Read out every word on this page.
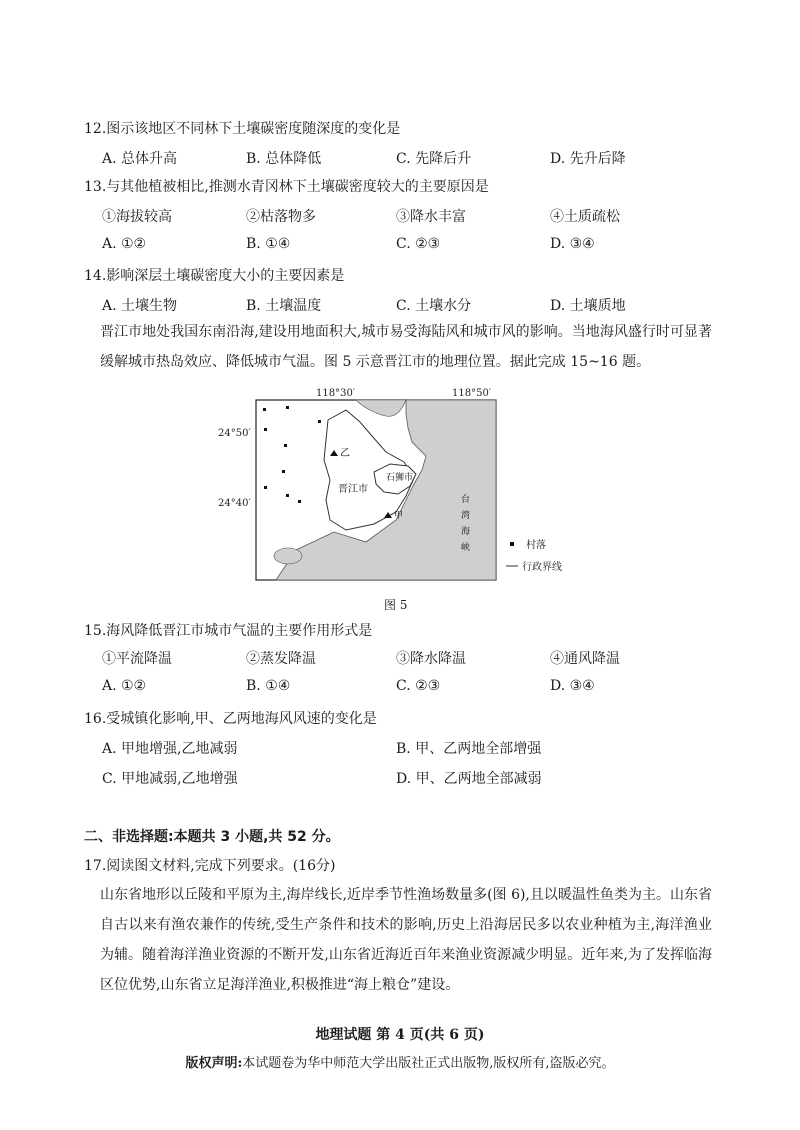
12.图示该地区不同林下土壤碳密度随深度的变化是
A. 总体升高	B. 总体降低	C. 先降后升	D. 先升后降
13.与其他植被相比,推测水青冈林下土壤碳密度较大的主要原因是
①海拔较高	②枯落物多	③降水丰富	④土质疏松
A. ①②	B. ①④	C. ②③	D. ③④
14.影响深层土壤碳密度大小的主要因素是
A. 土壤生物	B. 土壤温度	C. 土壤水分	D. 土壤质地
晋江市地处我国东南沿海,建设用地面积大,城市易受海陆风和城市风的影响。当地海风盛行时可显著缓解城市热岛效应、降低城市气温。图 5 示意晋江市的地理位置。据此完成 15~16 题。
118°30′	118°50′
乙
甲
晋江市
石狮市
台
湾
海
峡
24°50′
24°40′
村落
行政界线
图 5
15.海风降低晋江市城市气温的主要作用形式是
①平流降温	②蒸发降温	③降水降温	④通风降温
A. ①②	B. ①④	C. ②③	D. ③④
16.受城镇化影响,甲、乙两地海风风速的变化是
A. 甲地增强,乙地减弱	B. 甲、乙两地全部增强
C. 甲地减弱,乙地增强	D. 甲、乙两地全部减弱
二、非选择题:本题共 3 小题,共 52 分。
17.阅读图文材料,完成下列要求。(16分)
山东省地形以丘陵和平原为主,海岸线长,近岸季节性渔场数量多(图 6),且以暖温性鱼类为主。山东省自古以来有渔农兼作的传统,受生产条件和技术的影响,历史上沿海居民多以农业种植为主,海洋渔业为辅。随着海洋渔业资源的不断开发,山东省近海近百年来渔业资源减少明显。近年来,为了发挥临海区位优势,山东省立足海洋渔业,积极推进“海上粮仓”建设。
地理试题 第 4 页(共 6 页)
版权声明:本试题卷为华中师范大学出版社正式出版物,版权所有,盗版必究。
